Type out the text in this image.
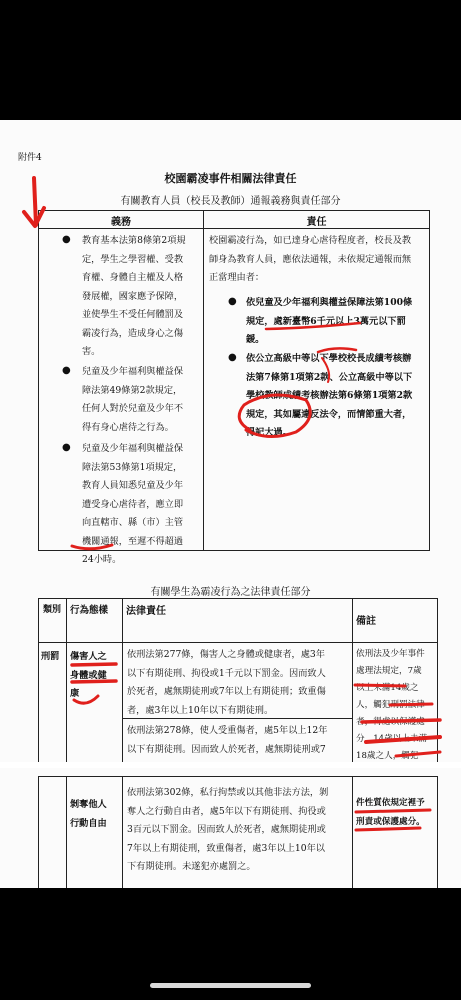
附件4
校園霸凌事件相關法律責任
有關教育人員（校長及教師）通報義務與責任部分
義務	責任
● 教育基本法第8條第2項規
定，學生之學習權、受教
育權、身體自主權及人格
發展權，國家應予保障，
並使學生不受任何體罰及
霸凌行為，造成身心之傷
害。
● 兒童及少年福利與權益保
障法第49條第2款規定，
任何人對於兒童及少年不
得有身心虐待之行為。
● 兒童及少年福利與權益保
障法第53條第1項規定，
教育人員知悉兒童及少年
遭受身心虐待者，應立即
向直轄市、縣（市）主管
機關通報，至遲不得超過
24小時。
校園霸凌行為，如已達身心虐待程度者，校長及教
師身為教育人員，應依法通報，未依規定通報而無
正當理由者：
● 依兒童及少年福利與權益保障法第100條
規定，處新臺幣6千元以上3萬元以下罰
鍰。
● 依公立高級中等以下學校校長成績考核辦
法第7條第1項第2款、公立高級中等以下
學校教師成績考核辦法第6條第1項第2款
規定，其如屬違反法令，而情節重大者，
得記大過。
有關學生為霸凌行為之法律責任部分
類別 行為態樣	法律責任
備註
刑罰 傷害人之
身體或健
康
依刑法第277條，傷害人之身體或健康者，處3年
以下有期徒刑、拘役或1千元以下罰金。因而致人
於死者，處無期徒刑或7年以上有期徒刑；致重傷
者，處3年以上10年以下有期徒刑。
依刑法第278條，使人受重傷者，處5年以上12年
以下有期徒刑。因而致人於死者，處無期徒刑或7
依刑法及少年事件
處理法規定，7歲
以上未滿14歲之
人，觸犯刑罰法律
者，得處以保護處
分，14歲以上未滿
18歲之人，觸犯
剝奪他人
行動自由
依刑法第302條，私行拘禁或以其他非法方法，剝
奪人之行動自由者，處5年以下有期徒刑、拘役或
3百元以下罰金。因而致人於死者，處無期徒刑或
7年以上有期徒刑，致重傷者，處3年以上10年以
下有期徒刑。未遂犯亦處罰之。
件性質依規定裡予
刑責或保護處分。
